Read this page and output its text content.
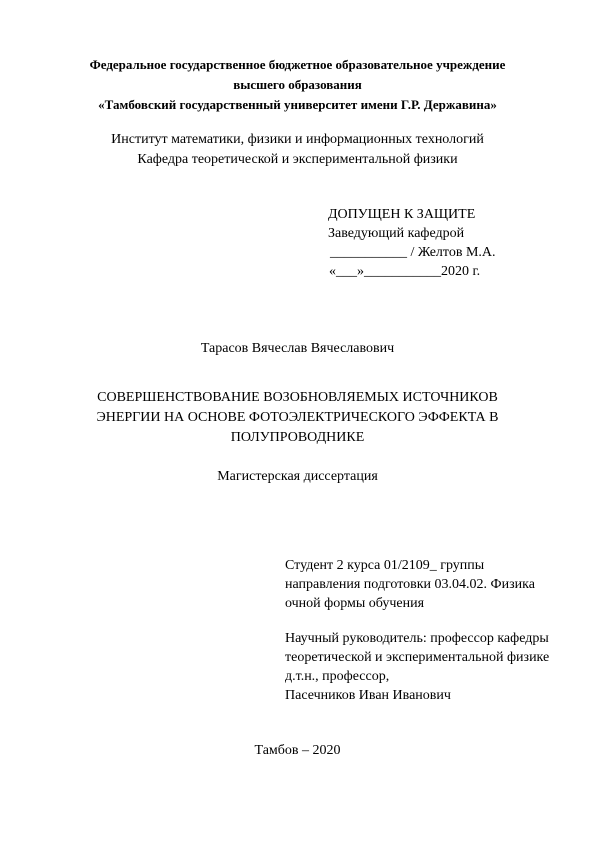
Федеральное государственное бюджетное образовательное учреждение
высшего образования
«Тамбовский государственный университет имени Г.Р. Державина»
Институт математики, физики и информационных технологий
Кафедра теоретической и экспериментальной физики
ДОПУЩЕН К ЗАЩИТЕ
Заведующий кафедрой
___________ / Желтов М.А.
«___»___________2020 г.
Тарасов Вячеслав Вячеславович
СОВЕРШЕНСТВОВАНИЕ ВОЗОБНОВЛЯЕМЫХ ИСТОЧНИКОВ
ЭНЕРГИИ НА ОСНОВЕ ФОТОЭЛЕКТРИЧЕСКОГО ЭФФЕКТА В
ПОЛУПРОВОДНИКЕ
Магистерская диссертация
Студент 2 курса 01/2109_ группы
направления подготовки 03.04.02. Физика
очной формы обучения
Научный руководитель: профессор кафедры
теоретической и экспериментальной физике
д.т.н., профессор,
Пасечников Иван Иванович
Тамбов – 2020
